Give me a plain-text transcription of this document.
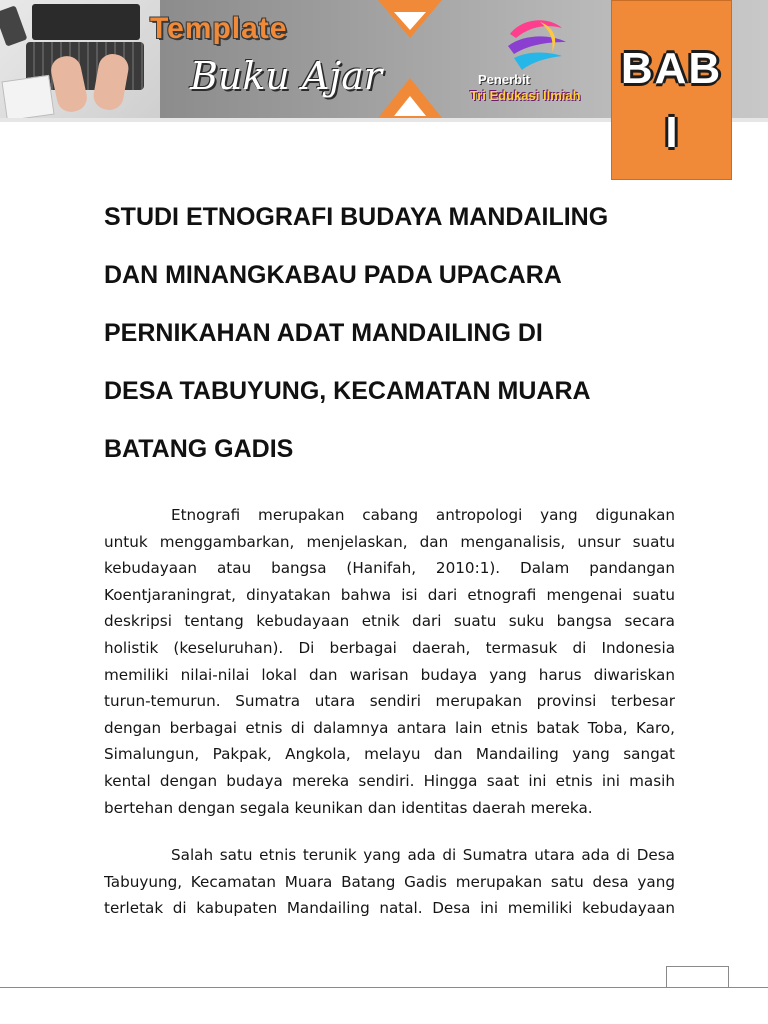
Template
Buku Ajar	Penerbit
Tri Edukasi Ilmiah
BAB
I
STUDI ETNOGRAFI BUDAYA MANDAILING
DAN MINANGKABAU PADA UPACARA
PERNIKAHAN ADAT MANDAILING DI
DESA TABUYUNG, KECAMATAN MUARA
BATANG GADIS
Etnografi merupakan cabang antropologi yang digunakan
untuk menggambarkan, menjelaskan, dan menganalisis, unsur suatu
kebudayaan atau bangsa (Hanifah, 2010:1). Dalam pandangan
Koentjaraningrat, dinyatakan bahwa isi dari etnografi mengenai suatu
deskripsi tentang kebudayaan etnik dari suatu suku bangsa secara
holistik (keseluruhan). Di berbagai daerah, termasuk di Indonesia
memiliki nilai-nilai lokal dan warisan budaya yang harus diwariskan
turun-temurun. Sumatra utara sendiri merupakan provinsi terbesar
dengan berbagai etnis di dalamnya antara lain etnis batak Toba, Karo,
Simalungun, Pakpak, Angkola, melayu dan Mandailing yang sangat
kental dengan budaya mereka sendiri. Hingga saat ini etnis ini masih
bertehan dengan segala keunikan dan identitas daerah mereka.
Salah satu etnis terunik yang ada di Sumatra utara ada di Desa
Tabuyung, Kecamatan Muara Batang Gadis merupakan satu desa yang
terletak di kabupaten Mandailing natal. Desa ini memiliki kebudayaan
